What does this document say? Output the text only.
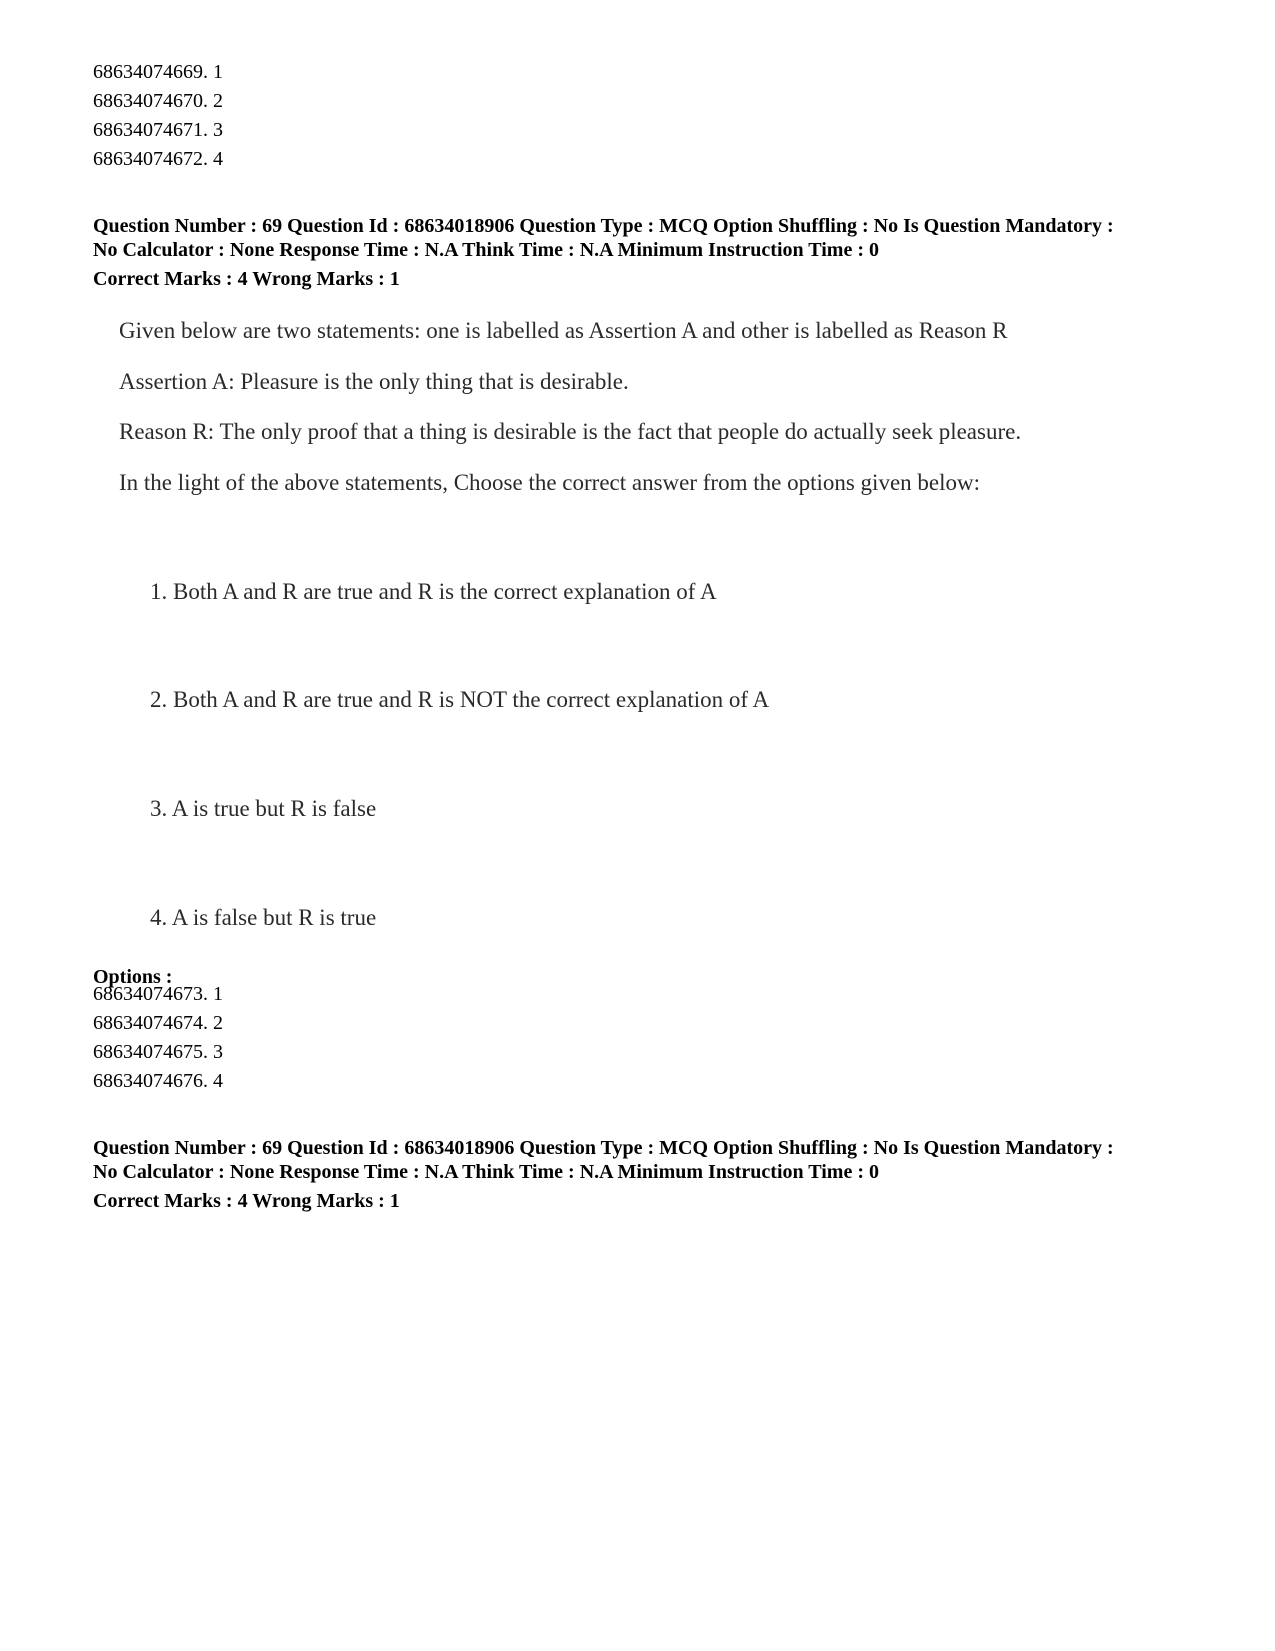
68634074669. 1
68634074670. 2
68634074671. 3
68634074672. 4
Question Number : 69 Question Id : 68634018906 Question Type : MCQ Option Shuffling : No Is Question Mandatory :
No Calculator : None Response Time : N.A Think Time : N.A Minimum Instruction Time : 0
Correct Marks : 4 Wrong Marks : 1
Given below are two statements: one is labelled as Assertion A and other is labelled as Reason R
Assertion A: Pleasure is the only thing that is desirable.
Reason R: The only proof that a thing is desirable is the fact that people do actually seek pleasure.
In the light of the above statements, Choose the correct answer from the options given below:
1. Both A and R are true and R is the correct explanation of A
2. Both A and R are true and R is NOT the correct explanation of A
3. A is true but R is false
4. A is false but R is true
Options :
68634074673. 1
68634074674. 2
68634074675. 3
68634074676. 4
Question Number : 69 Question Id : 68634018906 Question Type : MCQ Option Shuffling : No Is Question Mandatory :
No Calculator : None Response Time : N.A Think Time : N.A Minimum Instruction Time : 0
Correct Marks : 4 Wrong Marks : 1
